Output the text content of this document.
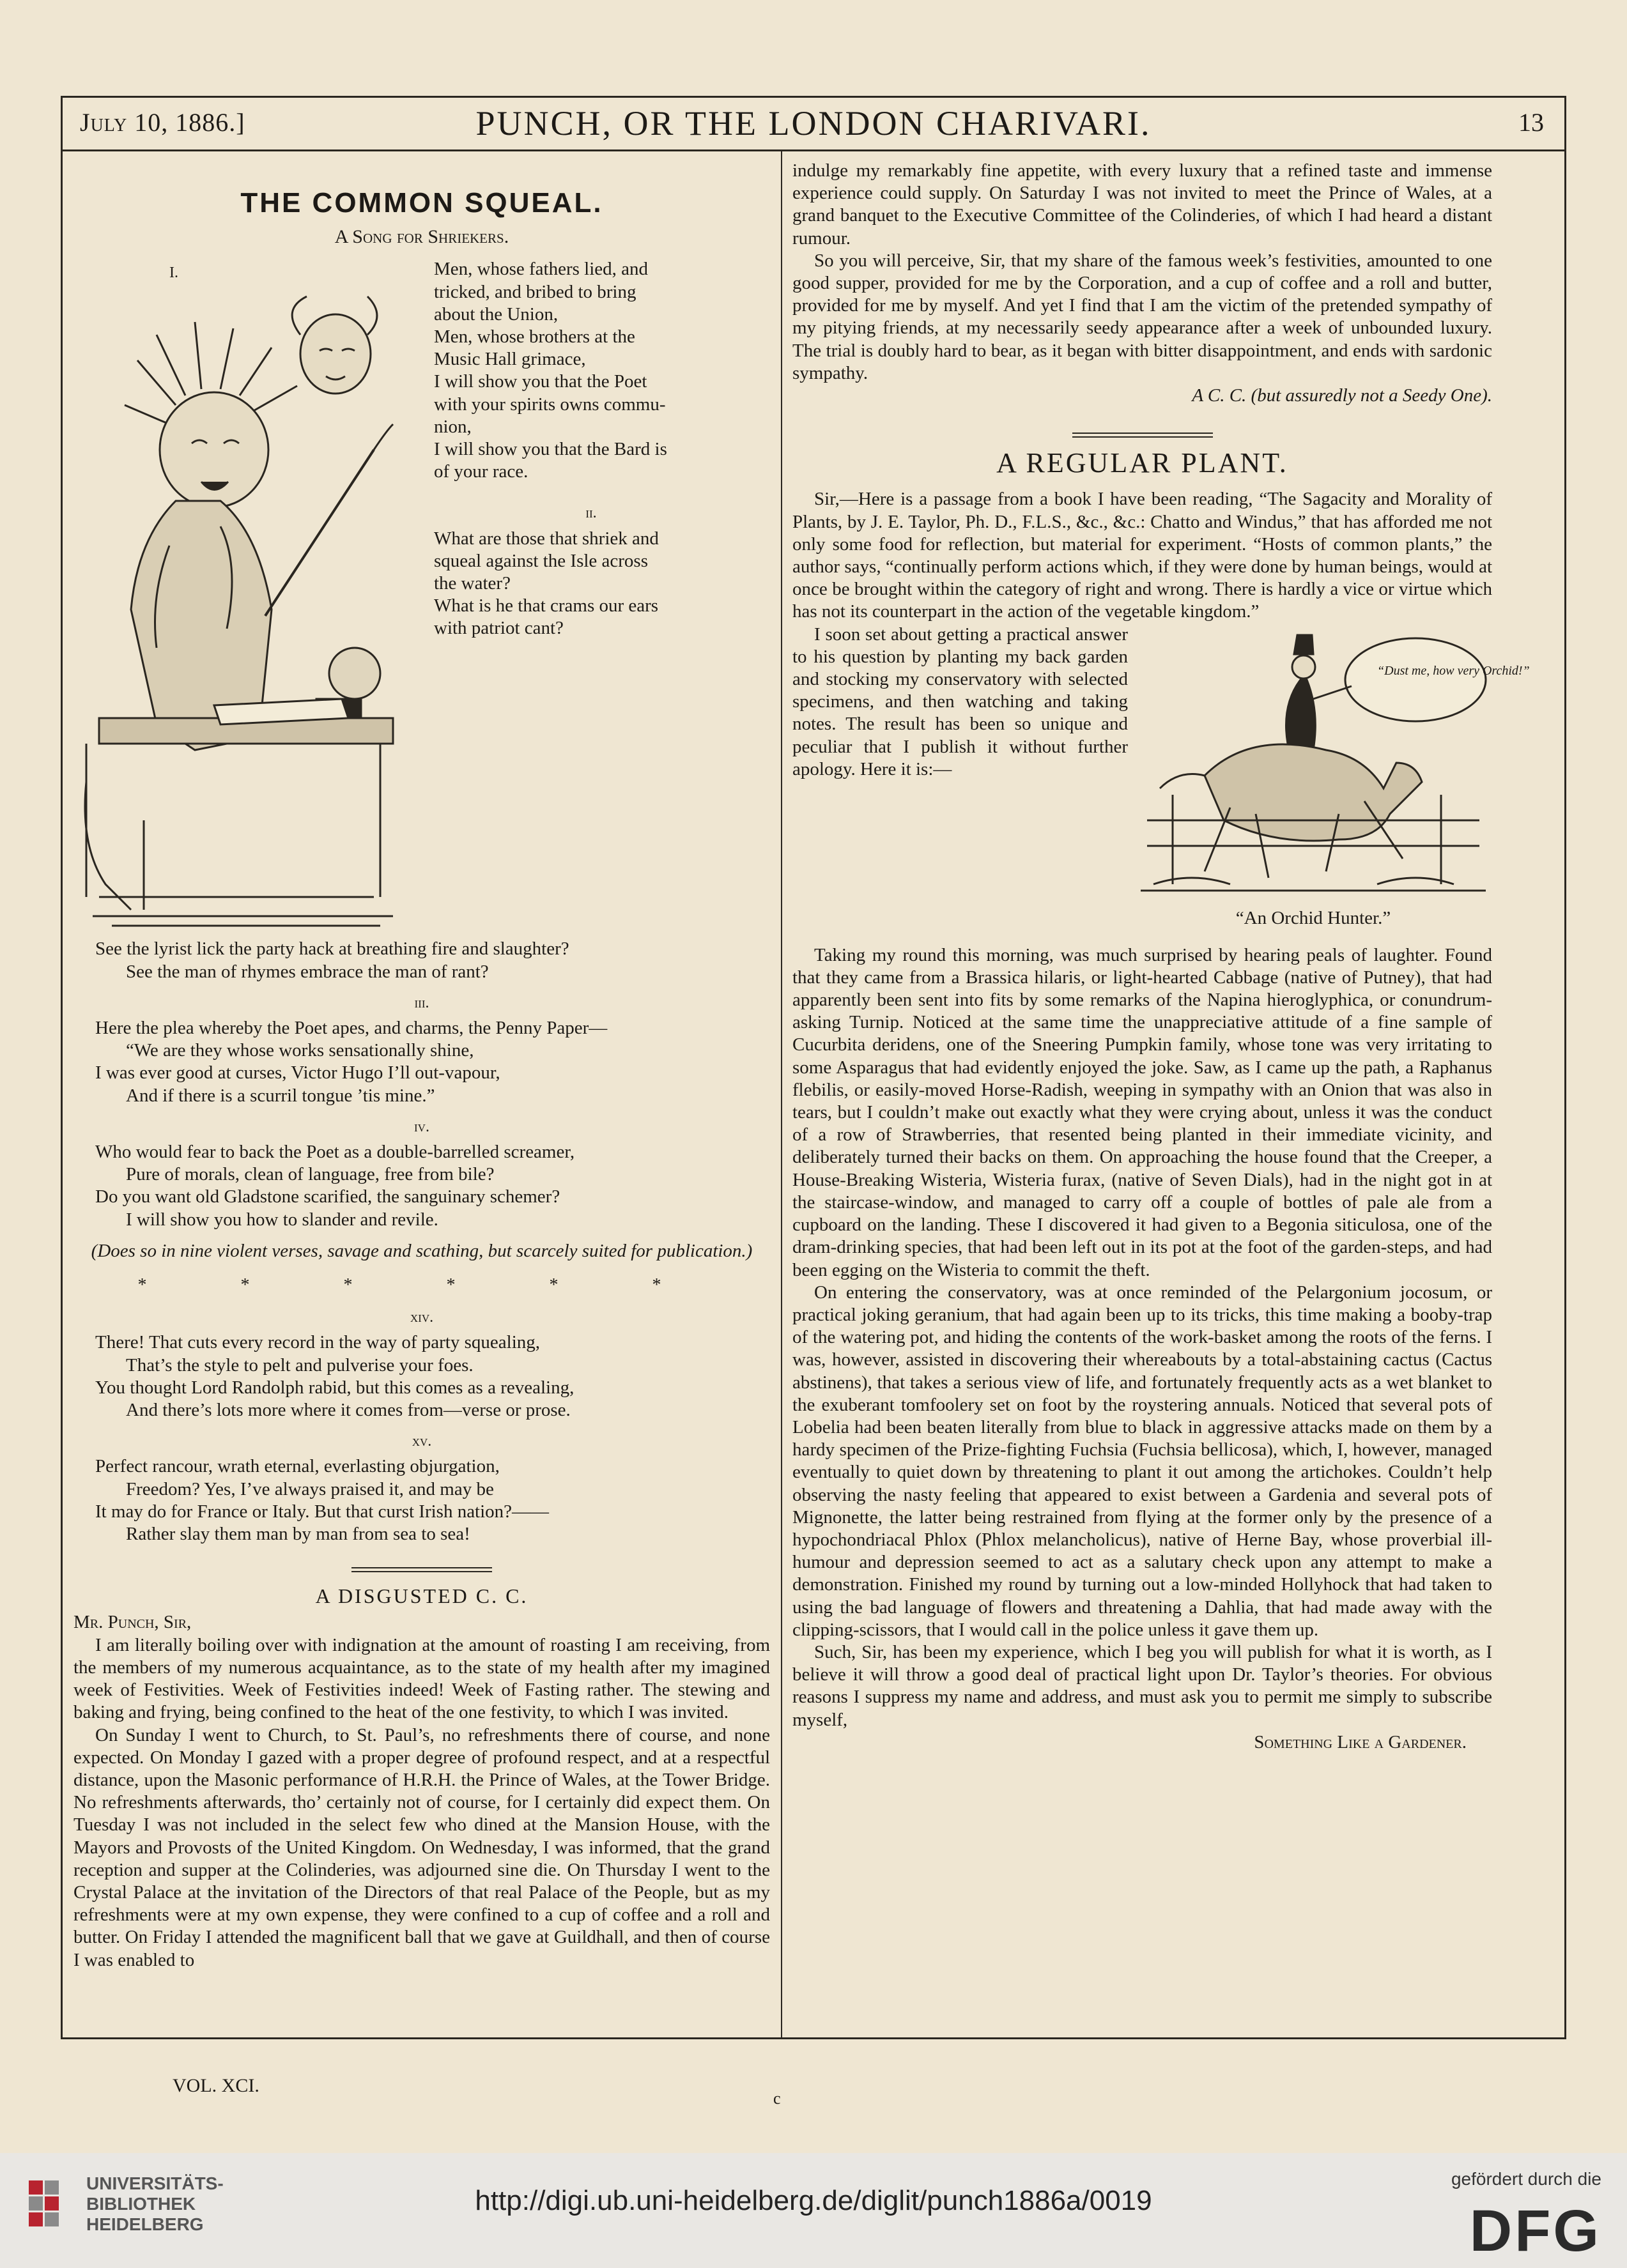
July 10, 1886.]	PUNCH, OR THE LONDON CHARIVARI.	13
THE COMMON SQUEAL.
A Song for Shriekers.
I.	Men, whose fathers lied, and

tricked, and bribed to bring

about the Union,

Men, whose brothers at the

Music Hall grimace,

I will show you that the Poet

with your spirits owns commu-

nion,

I will show you that the Bard is

of your race.

ii.

What are those that shriek and

squeal against the Isle across

the water?

What is he that crams our ears

with patriot cant?

See the lyrist lick the party hack at breathing fire and slaughter?

See the man of rhymes embrace the man of rant?

iii.

Here the plea whereby the Poet apes, and charms, the Penny Paper—

“We are they whose works sensationally shine,

I was ever good at curses, Victor Hugo I’ll out-vapour,

And if there is a scurril tongue ’tis mine.”

iv.

Who would fear to back the Poet as a double-barrelled screamer,

Pure of morals, clean of language, free from bile?

Do you want old Gladstone scarified, the sanguinary schemer?

I will show you how to slander and revile.

(Does so in nine violent verses, savage and scathing, but scarcely suited for publication.)
* * * * * *
xiv.

There! That cuts every record in the way of party squealing,

That’s the style to pelt and pulverise your foes.

You thought Lord Randolph rabid, but this comes as a revealing,

And there’s lots more where it comes from—verse or prose.

xv.

Perfect rancour, wrath eternal, everlasting objurgation,

Freedom? Yes, I’ve always praised it, and may be

It may do for France or Italy. But that curst Irish nation?——

Rather slay them man by man from sea to sea!

A DISGUSTED C. C.

Mr. Punch, Sir,

I am literally boiling over with indignation at the amount of roasting I am receiving, from the members of my numerous acquaintance, as to the state of my health after my imagined week of Festivities. Week of Festivities indeed! Week of Fasting rather. The stewing and baking and frying, being confined to the heat of the one festivity, to which I was invited.

On Sunday I went to Church, to St. Paul’s, no refreshments there of course, and none expected. On Monday I gazed with a proper degree of profound respect, and at a respectful distance, upon the Masonic performance of H.R.H. the Prince of Wales, at the Tower Bridge. No refreshments afterwards, tho’ certainly not of course, for I certainly did expect them. On Tuesday I was not included in the select few who dined at the Mansion House, with the Mayors and Provosts of the United Kingdom. On Wednesday, I was informed, that the grand reception and supper at the Colinderies, was adjourned sine die. On Thursday I went to the Crystal Palace at the invitation of the Directors of that real Palace of the People, but as my refreshments were at my own expense, they were confined to a cup of coffee and a roll and butter. On Friday I attended the magnificent ball that we gave at Guildhall, and then of course I was enabled to

indulge my remarkably fine appetite, with every luxury that a refined taste and immense experience could supply. On Saturday I was not invited to meet the Prince of Wales, at a grand banquet to the Executive Committee of the Colinderies, of which I had heard a distant rumour.

So you will perceive, Sir, that my share of the famous week’s festivities, amounted to one good supper, provided for me by the Corporation, and a cup of coffee and a roll and butter, provided for me by myself. And yet I find that I am the victim of the pretended sympathy of my pitying friends, at my necessarily seedy appearance after a week of unbounded luxury. The trial is doubly hard to bear, as it began with bitter disappointment, and ends with sardonic sympathy.

A C. C. (but assuredly not a Seedy One).

A REGULAR PLANT.

Sir,—Here is a passage from a book I have been reading, “The Sagacity and Morality of Plants, by J. E. Taylor, Ph. D., F.L.S., &c., &c.: Chatto and Windus,” that has afforded me not only some food for reflection, but material for experiment. “Hosts of common plants,” the author says, “continually perform actions which, if they were done by human beings, would at once be brought within the category of right and wrong. There is hardly a vice or virtue which has not its counterpart in the action of the vegetable kingdom.”

“Dust me, how very Orchid!”
“An Orchid Hunter.”

I soon set about getting a practical answer to his question by planting my back garden and stocking my conservatory with selected specimens, and then watching and taking notes. The result has been so unique and peculiar that I publish it without further apology. Here it is:—

Taking my round this morning, was much surprised by hearing peals of laughter. Found that they came from a Brassica hilaris, or light-hearted Cabbage (native of Putney), that had apparently been sent into fits by some remarks of the Napina hieroglyphica, or conundrum-asking Turnip. Noticed at the same time the unappreciative attitude of a fine sample of Cucurbita deridens, one of the Sneering Pumpkin family, whose tone was very irritating to some Asparagus that had evidently enjoyed the joke. Saw, as I came up the path, a Raphanus flebilis, or easily-moved Horse-Radish, weeping in sympathy with an Onion that was also in tears, but I couldn’t make out exactly what they were crying about, unless it was the conduct of a row of Strawberries, that resented being planted in their immediate vicinity, and deliberately turned their backs on them. On approaching the house found that the Creeper, a House-Breaking Wisteria, Wisteria furax, (native of Seven Dials), had in the night got in at the staircase-window, and managed to carry off a couple of bottles of pale ale from a cupboard on the landing. These I discovered it had given to a Begonia siticulosa, one of the dram-drinking species, that had been left out in its pot at the foot of the garden-steps, and had been egging on the Wisteria to commit the theft.

On entering the conservatory, was at once reminded of the Pelargonium jocosum, or practical joking geranium, that had again been up to its tricks, this time making a booby-trap of the watering pot, and hiding the contents of the work-basket among the roots of the ferns. I was, however, assisted in discovering their whereabouts by a total-abstaining cactus (Cactus abstinens), that takes a serious view of life, and fortunately frequently acts as a wet blanket to the exuberant tomfoolery set on foot by the roystering annuals. Noticed that several pots of Lobelia had been beaten literally from blue to black in aggressive attacks made on them by a hardy specimen of the Prize-fighting Fuchsia (Fuchsia bellicosa), which, I, however, managed eventually to quiet down by threatening to plant it out among the artichokes. Couldn’t help observing the nasty feeling that appeared to exist between a Gardenia and several pots of Mignonette, the latter being restrained from flying at the former only by the presence of a hypochondriacal Phlox (Phlox melancholicus), native of Herne Bay, whose proverbial ill-humour and depression seemed to act as a salutary check upon any attempt to make a demonstration. Finished my round by turning out a low-minded Hollyhock that had taken to using the bad language of flowers and threatening a Dahlia, that had made away with the clipping-scissors, that I would call in the police unless it gave them up.

Such, Sir, has been my experience, which I beg you will publish for what it is worth, as I believe it will throw a good deal of practical light upon Dr. Taylor’s theories. For obvious reasons I suppress my name and address, and must ask you to permit me simply to subscribe myself,

Something Like a Gardener.

VOL. XCI.
c
UNIVERSITÄTS-
BIBLIOTHEK
HEIDELBERG
http://digi.ub.uni-heidelberg.de/diglit/punch1886a/0019
gefördert durch die
DFG
